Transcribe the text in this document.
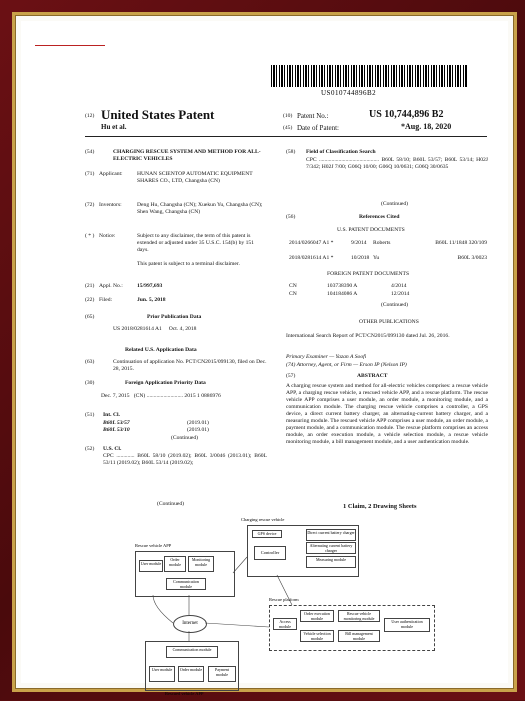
US010744896B2
(12) United States Patent
Hu et al.
(10) Patent No.:	US 10,744,896 B2
(45) Date of Patent:	*Aug. 18, 2020
(54)	CHARGING RESCUE SYSTEM AND METHOD FOR ALL-ELECTRIC VEHICLES
(71) Applicant:	HUNAN SCIENTOP AUTOMATIC EQUIPMENT SHARES CO., LTD, Changsha (CN)
(72) Inventors:	Deng Hu, Changsha (CN); Xuekun Yu, Changsha (CN); Shen Wang, Changsha (CN)
( * ) Notice:	Subject to any disclaimer, the term of this patent is extended or adjusted under 35 U.S.C. 154(b) by 151 days.
This patent is subject to a terminal disclaimer.
(21) Appl. No.:	15/997,693
(22) Filed:	Jun. 5, 2018
(65)	Prior Publication Data
US 2018/0281614 A1     Oct. 4, 2018
Related U.S. Application Data
(63)	Continuation of application No. PCT/CN2015/099130, filed on Dec. 28, 2015.
(30)	Foreign Application Priority Data
Dec. 7, 2015   (CN) .......................... 2015 1 0886976
(51) Int. Cl.
B60L 53/57	(2019.01)
B60L 53/10	(2019.01)
(Continued)
(52) U.S. Cl.
CPC ............. B60L 58/10 (2019.02); B60L 3/0046 (2013.01); B60L 53/11 (2019.02); B60L 53/14 (2019.02);
(Continued)
(58) Field of Classification Search
CPC ........................................... B60L 58/10; B60L 53/57; B60L 53/14; H02J 7/342; H02J 7/00; G06Q 10/00; G06Q 10/0631; G06Q 30/0635
(Continued)
(56)	References Cited
U.S. PATENT DOCUMENTS
2014/0266047 A1 *	9/2014 Roberts	B60L 11/1848 320/109
2018/0281614 A1 *	10/2018 Yu	B60L 3/0023
FOREIGN PATENT DOCUMENTS
CN	103738390 A	4/2014
CN	104184086 A	12/2014
(Continued)
OTHER PUBLICATIONS
International Search Report of PCT/CN2015/099130 dated Jul. 26, 2016.
Primary Examiner — Yazan A Soofi
(74) Attorney, Agent, or Firm — Erson IP (Nelson IP)
(57)	ABSTRACT
A charging rescue system and method for all-electric vehicles comprises: a rescue vehicle APP, a charging rescue vehicle, a rescued vehicle APP, and a rescue platform. The rescue vehicle APP comprises a user module, an order module, a monitoring module, and a communication module. The charging rescue vehicle comprises a controller, a GPS device, a direct current battery charger, an alternating-current battery charger, and a measuring module. The rescued vehicle APP comprises a user module, an order module, a payment module, and a communication module. The rescue platform comprises an access module, an order execution module, a vehicle selection module, a rescue vehicle monitoring module, a bill management module, and a user authentication module.
1 Claim, 2 Drawing Sheets
Charging rescue vehicle
GPS device
Controller
Direct current battery charger
Alternating current battery charger
Measuring module
Rescue vehicle APP
User module
Order module
Monitoring module
Communication module
Internet
Rescue platform
Access module
Order execution module
Vehicle selection module
Rescue vehicle monitoring module
Bill management module
User authentication module
Communication module
User module	Order module	Payment module
Rescued vehicle APP
